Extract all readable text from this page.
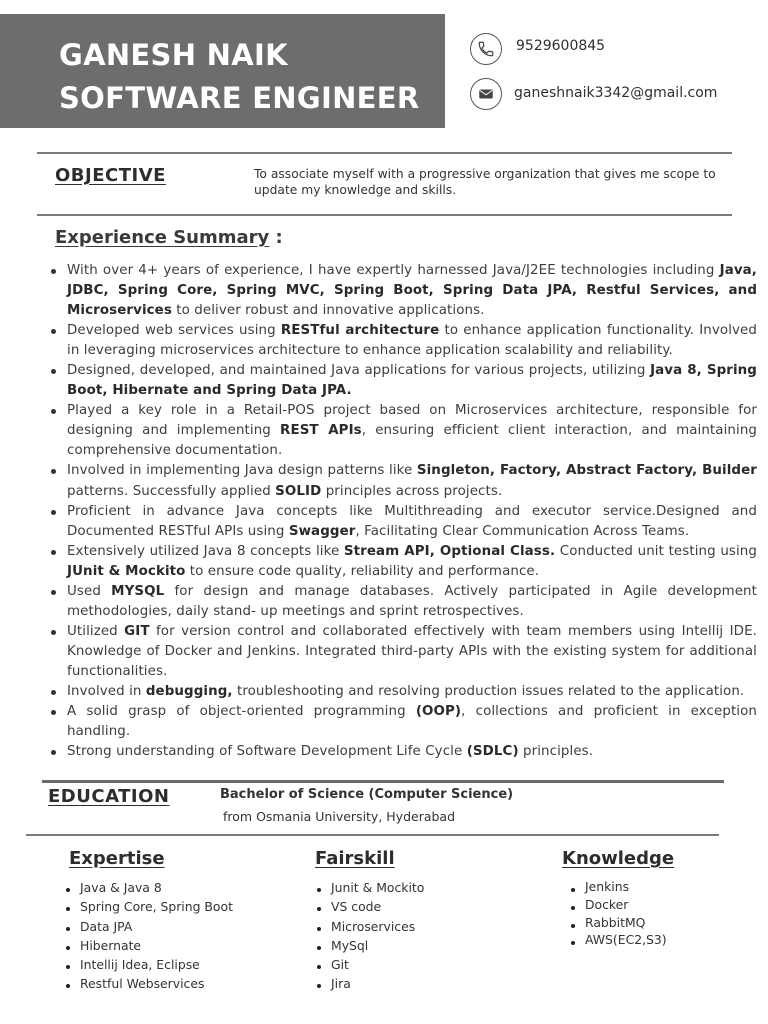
GANESH NAIK
SOFTWARE ENGINEER
9529600845
ganeshnaik3342@gmail.com
OBJECTIVE	To associate myself with a progressive organization that gives me scope to update my knowledge and skills.
Experience Summary :
With over 4+ years of experience, I have expertly harnessed Java/J2EE technologies including Java, JDBC, Spring Core, Spring MVC, Spring Boot, Spring Data JPA, Restful Services, and Microservices to deliver robust and innovative applications.
Developed web services using RESTful architecture to enhance application functionality. Involved in leveraging microservices architecture to enhance application scalability and reliability.
Designed, developed, and maintained Java applications for various projects, utilizing Java 8, Spring Boot, Hibernate and Spring Data JPA.
Played a key role in a Retail-POS project based on Microservices architecture, responsible for designing and implementing REST APIs, ensuring efficient client interaction, and maintaining comprehensive documentation.
Involved in implementing Java design patterns like Singleton, Factory, Abstract Factory, Builder patterns. Successfully applied SOLID principles across projects.
Proficient in advance Java concepts like Multithreading and executor service.Designed and Documented RESTful APIs using Swagger, Facilitating Clear Communication Across Teams.
Extensively utilized Java 8 concepts like Stream API, Optional Class. Conducted unit testing using JUnit & Mockito to ensure code quality, reliability and performance.
Used MYSQL for design and manage databases. Actively participated in Agile development methodologies, daily stand- up meetings and sprint retrospectives.
Utilized GIT for version control and collaborated effectively with team members using Intellij IDE. Knowledge of Docker and Jenkins. Integrated third-party APIs with the existing system for additional functionalities.
Involved in debugging, troubleshooting and resolving production issues related to the application.
A solid grasp of object-oriented programming (OOP), collections and proficient in exception handling.
Strong understanding of Software Development Life Cycle (SDLC) principles.
EDUCATION	Bachelor of Science (Computer Science)
from Osmania University, Hyderabad
Expertise
Java & Java 8
Spring Core, Spring Boot
Data JPA
Hibernate
Intellij Idea, Eclipse
Restful Webservices
Fairskill
Junit & Mockito
VS code
Microservices
MySql
Git
Jira
Knowledge
Jenkins
Docker
RabbitMQ
AWS(EC2,S3)
